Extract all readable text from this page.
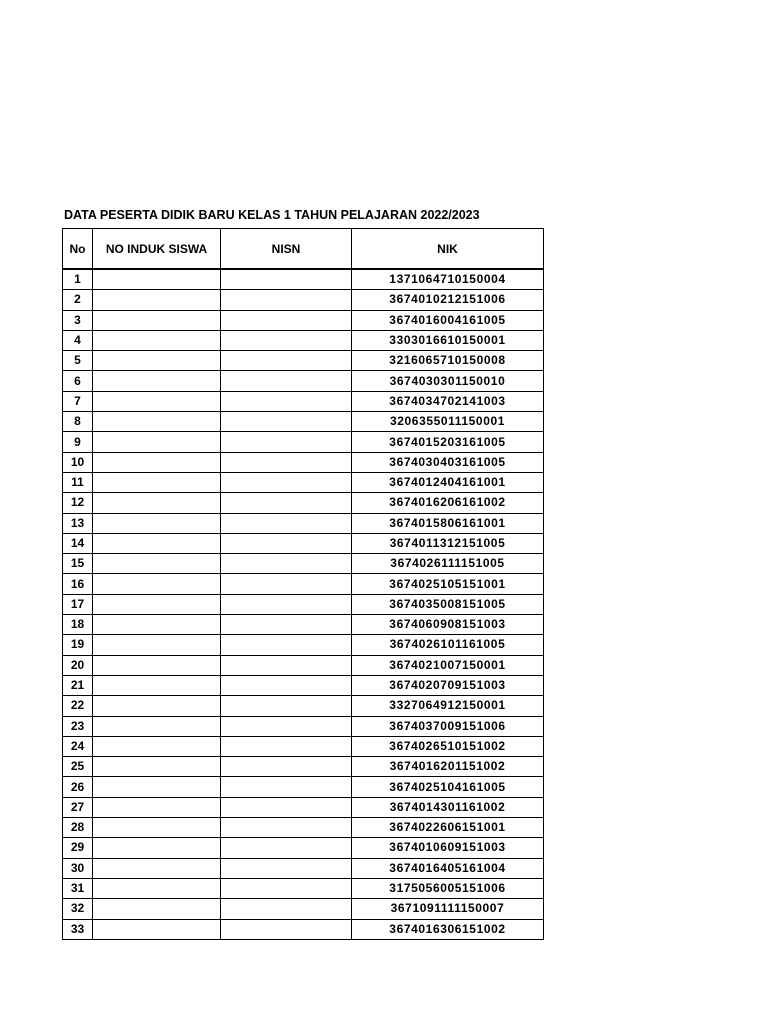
DATA PESERTA DIDIK BARU KELAS 1 TAHUN PELAJARAN 2022/2023
No	NO INDUK SISWA	NISN	NIK

1			1371064710150004
2			3674010212151006
3			3674016004161005
4			3303016610150001
5			3216065710150008
6			3674030301150010
7			3674034702141003
8			3206355011150001
9			3674015203161005
10			3674030403161005
11			3674012404161001
12			3674016206161002
13			3674015806161001
14			3674011312151005
15			3674026111151005
16			3674025105151001
17			3674035008151005
18			3674060908151003
19			3674026101161005
20			3674021007150001
21			3674020709151003
22			3327064912150001
23			3674037009151006
24			3674026510151002
25			3674016201151002
26			3674025104161005
27			3674014301161002
28			3674022606151001
29			3674010609151003
30			3674016405161004
31			3175056005151006
32			3671091111150007
33			3674016306151002
